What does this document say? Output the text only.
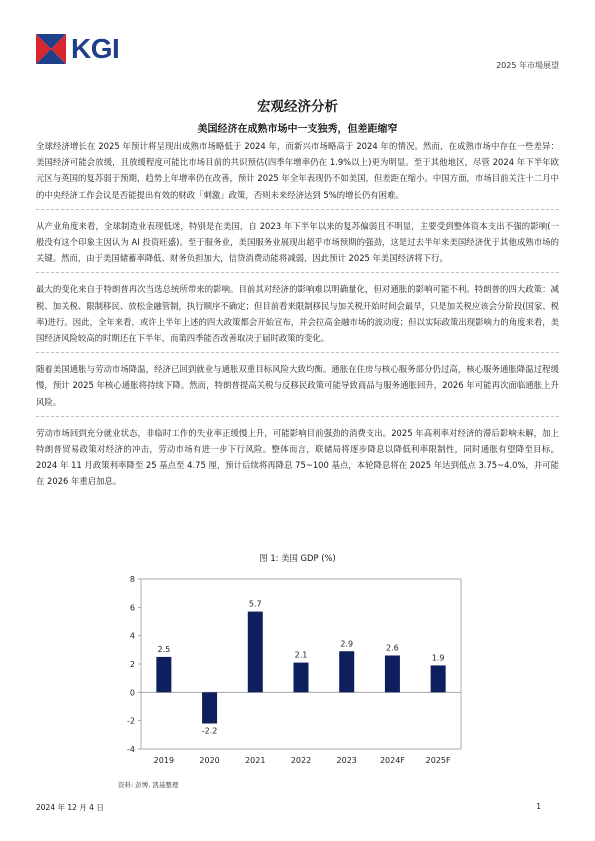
KGI
2025 年市場展望
宏观经济分析
美国经济在成熟市场中一支独秀，但差距缩窄

全球经济增长在 2025 年预计将呈现出成熟市场略低于 2024 年，而新兴市场略高于 2024 年的情况。然而，在成熟市场中存在一些差异：美国经济可能会放缓，且放缓程度可能比市场目前的共识预估(四季年增率仍在 1.9%以上)更为明显。至于其他地区，尽管 2024 年下半年欧元区与英国的复苏弱于预期，趋势上年增率仍在改善，预计 2025 年全年表现仍不如美国，但差距在缩小。中国方面，市场目前关注十二月中的中央经济工作会议是否能提出有效的财政「刺激」政策，否则未来经济达到 5%的增长仍有困难。

从产业角度来看，全球制造业表现低迷，特别是在美国，自 2023 年下半年以来的复苏偏弱且不明显，主要受到整体资本支出不强的影响(一般没有这个印象主因认为 AI 投资旺盛)。至于服务业，美国服务业展现出超乎市场预期的强劲，这是过去半年来美国经济优于其他成熟市场的关键。然而，由于美国储蓄率降低、财务负担加大，信贷消费动能将减弱，因此预计 2025 年美国经济将下行。

最大的变化来自于特朗普再次当选总统所带来的影响。目前其对经济的影响难以明确量化，但对通胀的影响可能不利。特朗普的四大政策：减税、加关税、限制移民、放松金融管制，执行顺序不确定；但目前看来限制移民与加关税开始时间会最早，只是加关税应该会分阶段(国家、税率)进行。因此，全年来看，或许上半年上述的四大政策都会开始宣布，并会拉高金融市场的波动度；但以实际政策出现影响力的角度来看，美国经济风险较高的时期还在下半年，而第四季能否改善取决于届时政策的变化。

随着美国通胀与劳动市场降温，经济已回到就业与通胀双重目标风险大致均衡。通胀在住房与核心服务部分仍过高，核心服务通胀降温过程缓慢，预计 2025 年核心通胀将持续下降。然而，特朗普提高关税与反移民政策可能导致商品与服务通胀回升，2026 年可能再次面临通胀上升风险。

劳动市场回到充分就业状态，非临时工作的失业率正缓慢上升，可能影响目前强劲的消费支出。2025 年高利率对经济的滞后影响未解，加上特朗普贸易政策对经济的冲击，劳动市场有进一步下行风险。整体而言，联储局将逐步降息以降低利率限制性，同时通胀有望降至目标。2024 年 11 月政策利率降至 25 基点至 4.75 厘，预计后续将再降息 75~100 基点，本轮降息将在 2025 年达到低点 3.75~4.0%，并可能在 2026 年重启加息。

图 1: 美国 GDP (%)
-4
-2
0
2
4
6
8
2.5
2019
-2.2
2020
5.7
2021
2.1
2022
2.9
2023
2.6
2024F
1.9
2025F
资料: 彭博, 凯基整理
2024 年 12 月 4 日	1
